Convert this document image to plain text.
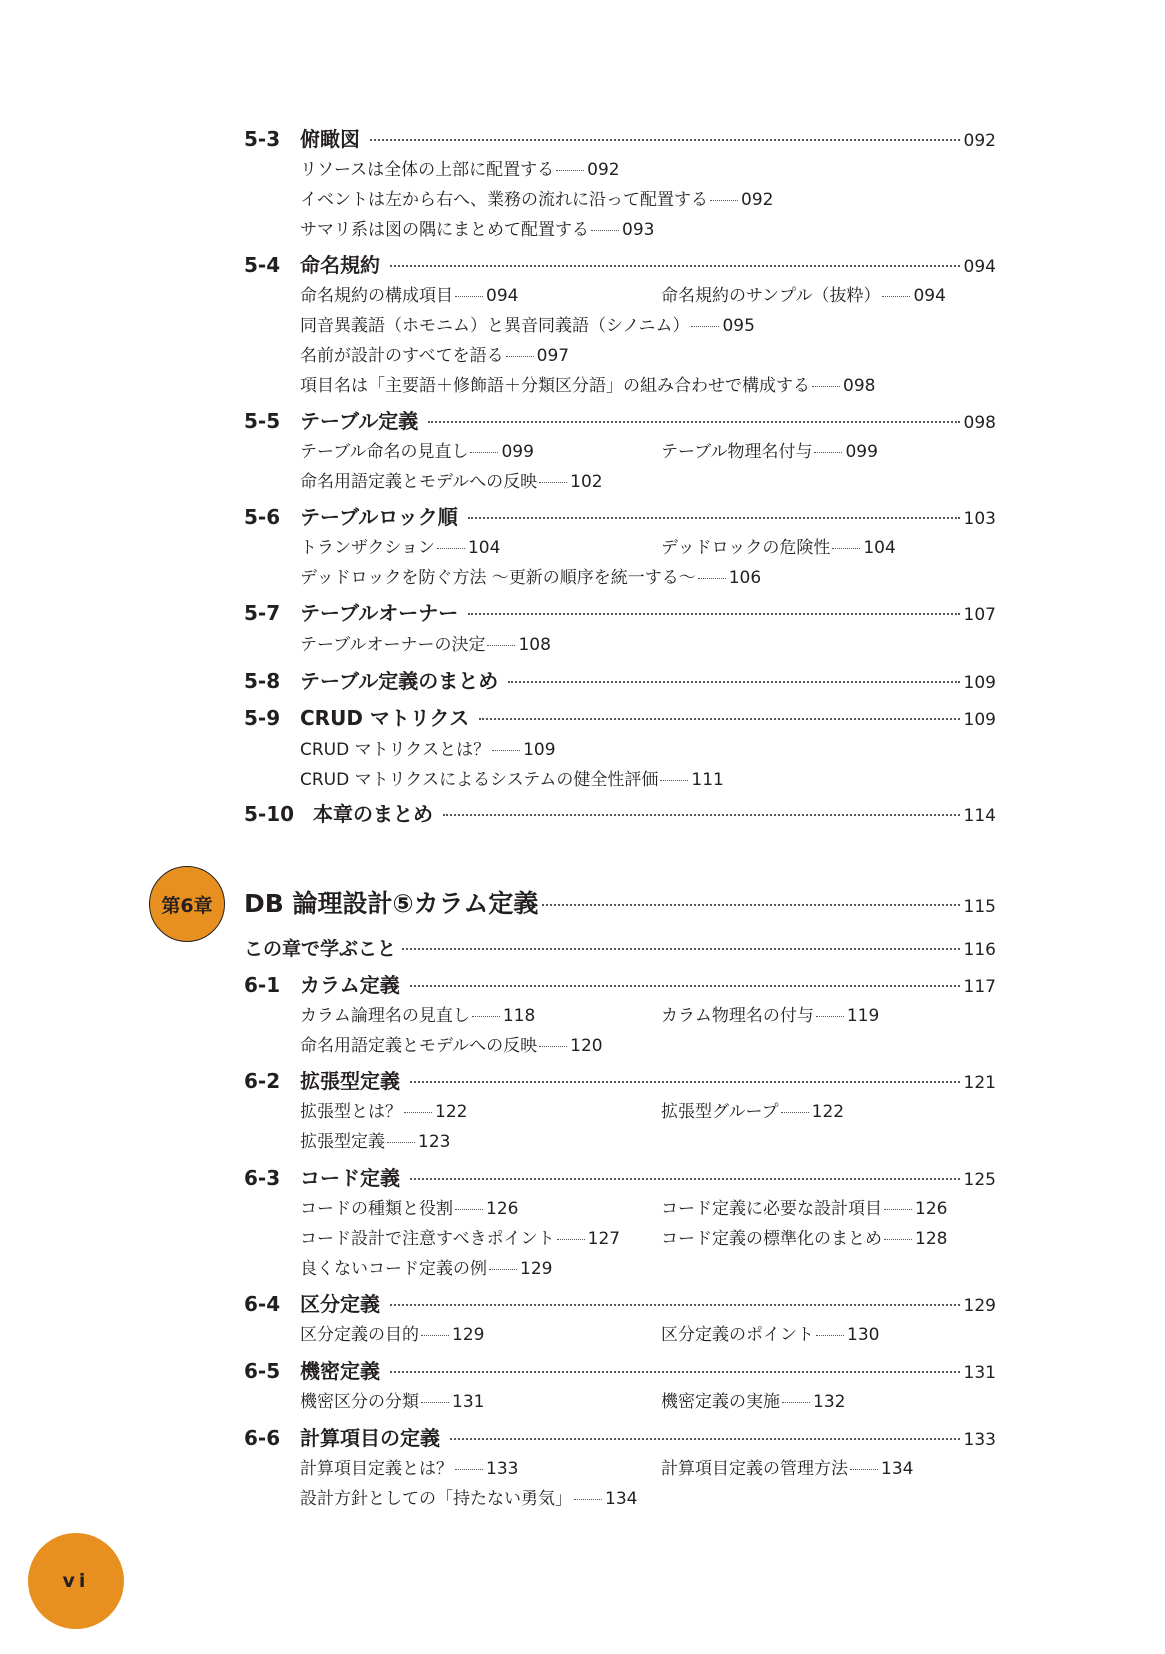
5-3 俯瞰図	092
リソースは全体の上部に配置する 092
イベントは左から右へ、業務の流れに沿って配置する 092
サマリ系は図の隅にまとめて配置する 093
5-4 命名規約	094
命名規約の構成項目 094	命名規約のサンプル（抜粋） 094
同音異義語（ホモニム）と異音同義語（シノニム） 095
名前が設計のすべてを語る 097
項目名は「主要語＋修飾語＋分類区分語」の組み合わせで構成する 098
5-5 テーブル定義	098
テーブル命名の見直し 099	テーブル物理名付与 099
命名用語定義とモデルへの反映 102
5-6 テーブルロック順	103
トランザクション 104	デッドロックの危険性 104
デッドロックを防ぐ方法 〜更新の順序を統一する〜 106
5-7 テーブルオーナー	107
テーブルオーナーの決定 108
5-8 テーブル定義のまとめ	109
5-9 CRUD マトリクス	109
CRUD マトリクスとは？ 109
CRUD マトリクスによるシステムの健全性評価 111
5-10 本章のまとめ	114
第6章	DB 論理設計⑤カラム定義	115
この章で学ぶこと	116
6-1 カラム定義	117
カラム論理名の見直し 118	カラム物理名の付与 119
命名用語定義とモデルへの反映 120
6-2 拡張型定義	121
拡張型とは？ 122	拡張型グループ 122
拡張型定義 123
6-3 コード定義	125
コードの種類と役割 126	コード定義に必要な設計項目 126
コード設計で注意すべきポイント 127 コード定義の標準化のまとめ 128
良くないコード定義の例 129
6-4 区分定義	129
区分定義の目的 129	区分定義のポイント 130
6-5 機密定義	131
機密区分の分類 131	機密定義の実施 132
6-6 計算項目の定義	133
計算項目定義とは？ 133	計算項目定義の管理方法 134
設計方針としての「持たない勇気」 134
vi
